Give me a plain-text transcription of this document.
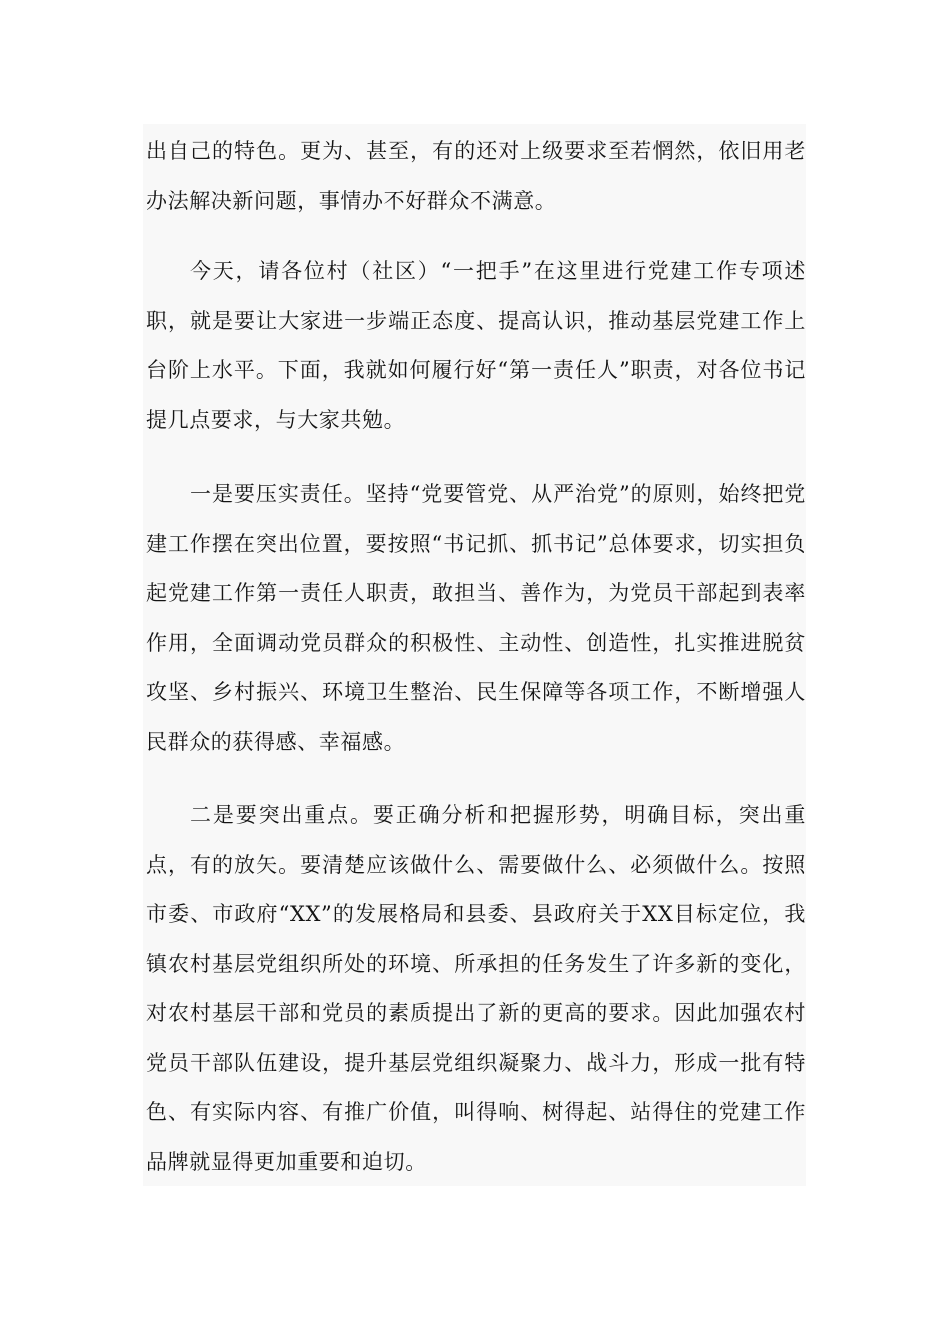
出自己的特色。更为、甚至，有的还对上级要求至若惘然，依旧用老办法解决新问题，事情办不好群众不满意。

今天，请各位村（社区）“一把手”在这里进行党建工作专项述职，就是要让大家进一步端正态度、提高认识，推动基层党建工作上台阶上水平。下面，我就如何履行好“第一责任人”职责，对各位书记提几点要求，与大家共勉。

一是要压实责任。坚持“党要管党、从严治党”的原则，始终把党建工作摆在突出位置，要按照“书记抓、抓书记”总体要求，切实担负起党建工作第一责任人职责，敢担当、善作为，为党员干部起到表率作用，全面调动党员群众的积极性、主动性、创造性，扎实推进脱贫攻坚、乡村振兴、环境卫生整治、民生保障等各项工作，不断增强人民群众的获得感、幸福感。

二是要突出重点。要正确分析和把握形势，明确目标，突出重点，有的放矢。要清楚应该做什么、需要做什么、必须做什么。按照市委、市政府“XX”的发展格局和县委、县政府关于XX目标定位，我镇农村基层党组织所处的环境、所承担的任务发生了许多新的变化，对农村基层干部和党员的素质提出了新的更高的要求。因此加强农村党员干部队伍建设，提升基层党组织凝聚力、战斗力，形成一批有特色、有实际内容、有推广价值，叫得响、树得起、站得住的党建工作品牌就显得更加重要和迫切。
